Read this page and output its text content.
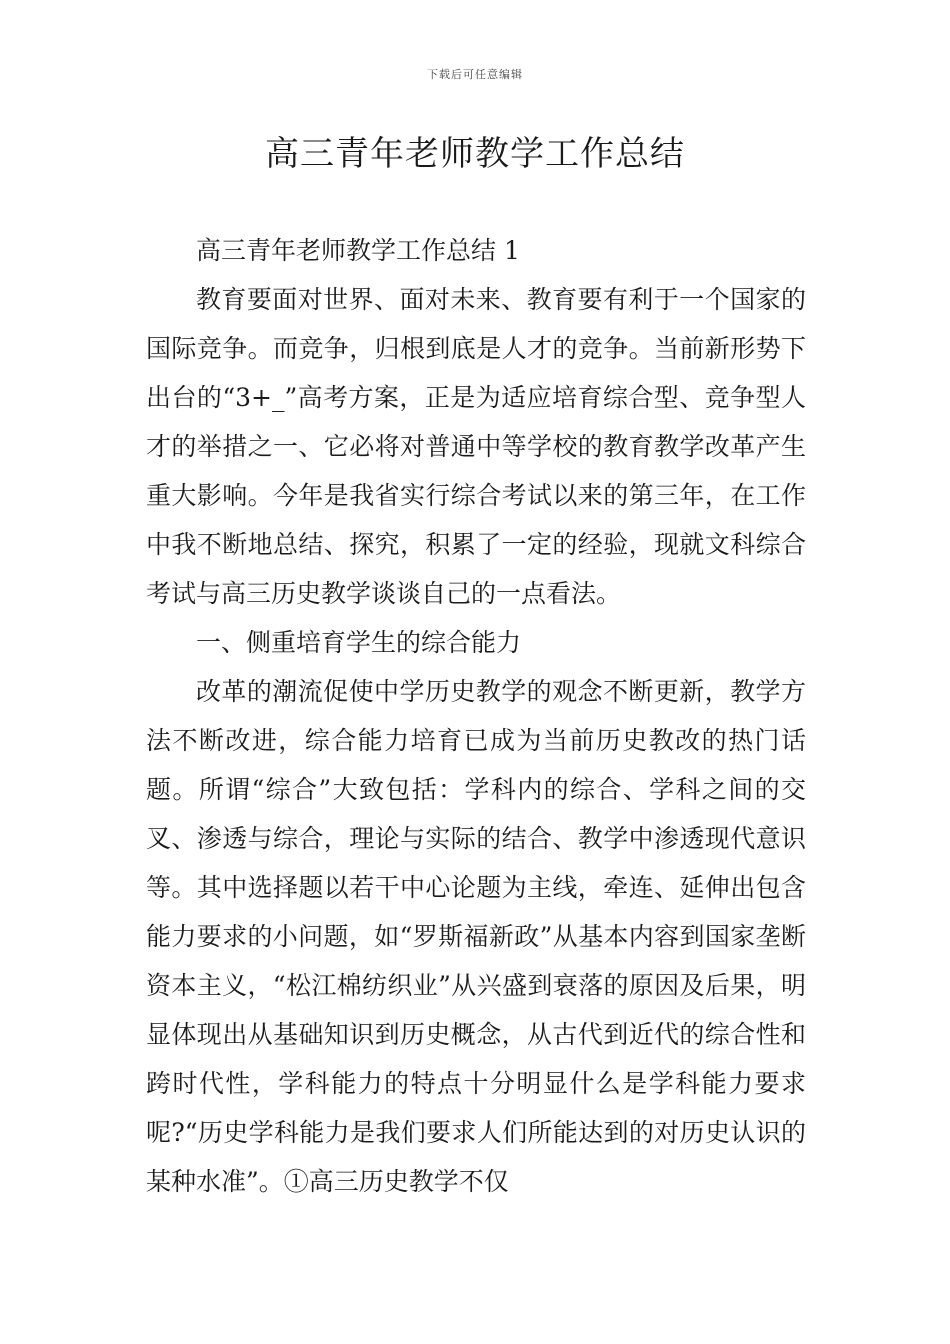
下载后可任意编辑
高三青年老师教学工作总结

高三青年老师教学工作总结 1

教育要面对世界、面对未来、教育要有利于一个国家的国际竞争。而竞争，归根到底是人才的竞争。当前新形势下出台的“3+_”高考方案，正是为适应培育综合型、竞争型人才的举措之一、它必将对普通中等学校的教育教学改革产生重大影响。今年是我省实行综合考试以来的第三年，在工作中我不断地总结、探究，积累了一定的经验，现就文科综合考试与高三历史教学谈谈自己的一点看法。

一、侧重培育学生的综合能力

改革的潮流促使中学历史教学的观念不断更新，教学方法不断改进，综合能力培育已成为当前历史教改的热门话题。所谓“综合”大致包括：学科内的综合、学科之间的交叉、渗透与综合，理论与实际的结合、教学中渗透现代意识等。其中选择题以若干中心论题为主线，牵连、延伸出包含能力要求的小问题，如“罗斯福新政”从基本内容到国家垄断资本主义，“松江棉纺织业”从兴盛到衰落的原因及后果，明显体现出从基础知识到历史概念，从古代到近代的综合性和跨时代性，学科能力的特点十分明显什么是学科能力要求呢?“历史学科能力是我们要求人们所能达到的对历史认识的某种水准”。①高三历史教学不仅
